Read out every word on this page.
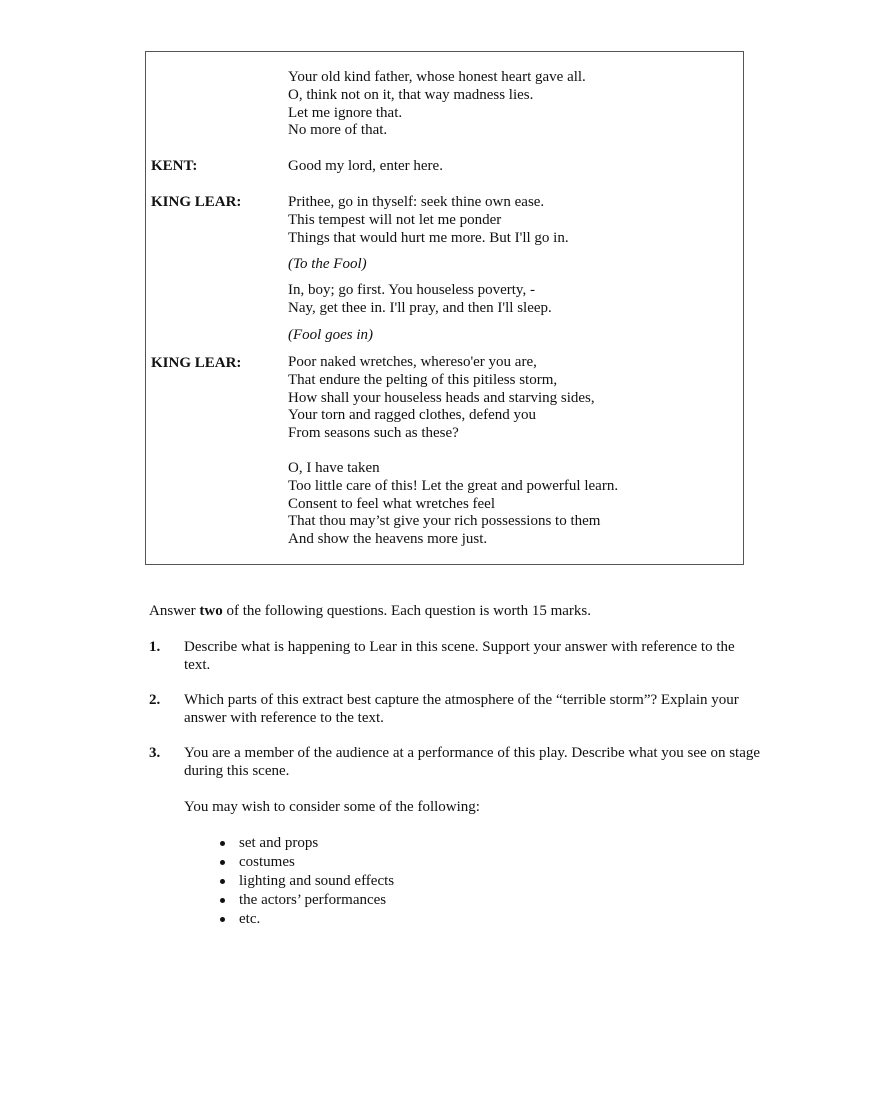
Your old kind father, whose honest heart gave all.
O, think not on it, that way madness lies.
Let me ignore that.
No more of that.
KENT:	Good my lord, enter here.
KING LEAR:	Prithee, go in thyself: seek thine own ease.
This tempest will not let me ponder
Things that would hurt me more. But I'll go in.
(To the Fool)
In, boy; go first. You houseless poverty, -
Nay, get thee in. I'll pray, and then I'll sleep.
(Fool goes in)
KING LEAR:	Poor naked wretches, whereso'er you are,
That endure the pelting of this pitiless storm,
How shall your houseless heads and starving sides,
Your torn and ragged clothes, defend you
From seasons such as these?
O, I have taken
Too little care of this! Let the great and powerful learn.
Consent to feel what wretches feel
That thou may’st give your rich possessions to them
And show the heavens more just.
Answer two of the following questions. Each question is worth 15 marks.
1. Describe what is happening to Lear in this scene. Support your answer with reference to the text.
2. Which parts of this extract best capture the atmosphere of the “terrible storm”? Explain your answer with reference to the text.
3. You are a member of the audience at a performance of this play. Describe what you see on stage during this scene.
You may wish to consider some of the following:
set and props
costumes
lighting and sound effects
the actors’ performances
etc.
